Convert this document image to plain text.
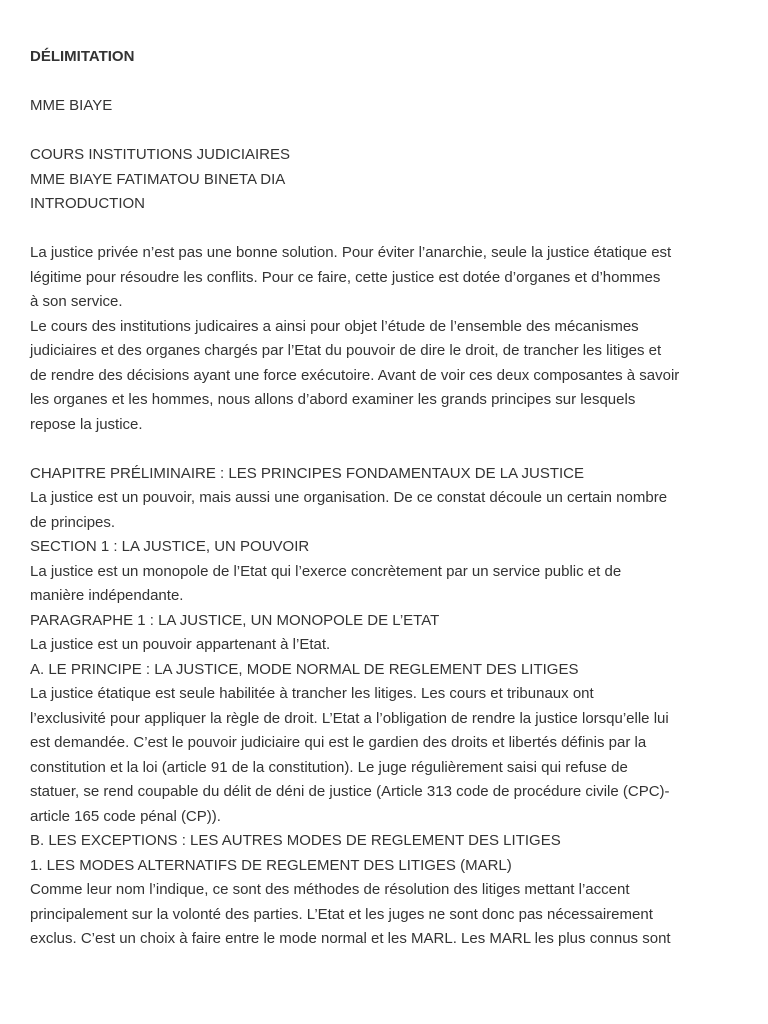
DÉLIMITATION

MME BIAYE

COURS INSTITUTIONS JUDICIAIRES

MME BIAYE FATIMATOU BINETA DIA

INTRODUCTION

La justice privée n’est pas une bonne solution. Pour éviter l’anarchie, seule la justice étatique est

légitime pour résoudre les conflits. Pour ce faire, cette justice est dotée d’organes et d’hommes

à son service.

Le cours des institutions judicaires a ainsi pour objet l’étude de l’ensemble des mécanismes

judiciaires et des organes chargés par l’Etat du pouvoir de dire le droit, de trancher les litiges et

de rendre des décisions ayant une force exécutoire. Avant de voir ces deux composantes à savoir

les organes et les hommes, nous allons d’abord examiner les grands principes sur lesquels

repose la justice.

CHAPITRE PRÉLIMINAIRE : LES PRINCIPES FONDAMENTAUX DE LA JUSTICE

La justice est un pouvoir, mais aussi une organisation. De ce constat découle un certain nombre

de principes.

SECTION 1 : LA JUSTICE, UN POUVOIR

La justice est un monopole de l’Etat qui l’exerce concrètement par un service public et de

manière indépendante.

PARAGRAPHE 1 : LA JUSTICE, UN MONOPOLE DE L’ETAT

La justice est un pouvoir appartenant à l’Etat.

A. LE PRINCIPE : LA JUSTICE, MODE NORMAL DE REGLEMENT DES LITIGES

La justice étatique est seule habilitée à trancher les litiges. Les cours et tribunaux ont

l’exclusivité pour appliquer la règle de droit. L’Etat a l’obligation de rendre la justice lorsqu’elle lui

est demandée. C’est le pouvoir judiciaire qui est le gardien des droits et libertés définis par la

constitution et la loi (article 91 de la constitution). Le juge régulièrement saisi qui refuse de

statuer, se rend coupable du délit de déni de justice (Article 313 code de procédure civile (CPC)-

article 165 code pénal (CP)).

B. LES EXCEPTIONS : LES AUTRES MODES DE REGLEMENT DES LITIGES

1. LES MODES ALTERNATIFS DE REGLEMENT DES LITIGES (MARL)

Comme leur nom l’indique, ce sont des méthodes de résolution des litiges mettant l’accent

principalement sur la volonté des parties. L’Etat et les juges ne sont donc pas nécessairement

exclus. C’est un choix à faire entre le mode normal et les MARL. Les MARL les plus connus sont
